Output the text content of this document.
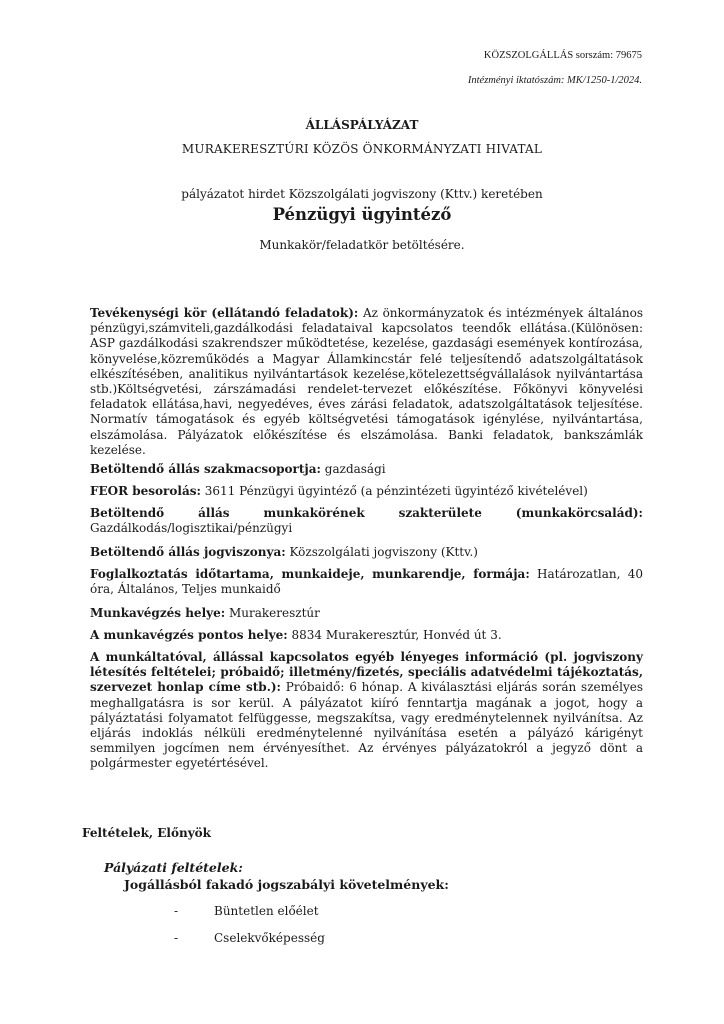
KÖZSZOLGÁLLÁS sorszám: 79675
Intézményi iktatószám: MK/1250-1/2024.
ÁLLÁSPÁLYÁZAT
MURAKERESZTÚRI KÖZÖS ÖNKORMÁNYZATI HIVATAL
pályázatot hirdet Közszolgálati jogviszony (Kttv.) keretében
Pénzügyi ügyintéző
Munkakör/feladatkör betöltésére.
Tevékenységi kör (ellátandó feladatok): Az önkormányzatok és intézmények általános pénzügyi,számviteli,gazdálkodási feladataival kapcsolatos teendők ellátása.(Különösen: ASP gazdálkodási szakrendszer működtetése, kezelése, gazdasági események kontírozása, könyvelése,közreműködés a Magyar Államkincstár felé teljesítendő adatszolgáltatások elkészítésében, analitikus nyilvántartások kezelése,kötelezettségvállalások nyilvántartása stb.)Költségvetési, zárszámadási rendelet-tervezet előkészítése. Főkönyvi könyvelési feladatok ellátása,havi, negyedéves, éves zárási feladatok, adatszolgáltatások teljesítése. Normatív támogatások és egyéb költségvetési támogatások igénylése, nyilvántartása, elszámolása. Pályázatok előkészítése és elszámolása. Banki feladatok, bankszámlák kezelése.
Betöltendő állás szakmacsoportja: gazdasági
FEOR besorolás: 3611 Pénzügyi ügyintéző (a pénzintézeti ügyintéző kivételével)
Betöltendő	állás	munkakörének	szakterülete	(munkakörcsalád):
Gazdálkodás/logisztikai/pénzügyi
Betöltendő állás jogviszonya: Közszolgálati jogviszony (Kttv.)
Foglalkoztatás időtartama, munkaideje, munkarendje, formája: Határozatlan, 40 óra, Általános, Teljes munkaidő
Munkavégzés helye: Murakeresztúr
A munkavégzés pontos helye: 8834 Murakeresztúr, Honvéd út 3.
A munkáltatóval, állással kapcsolatos egyéb lényeges információ (pl. jogviszony létesítés feltételei; próbaidő; illetmény/fizetés, speciális adatvédelmi tájékoztatás, szervezet honlap címe stb.): Próbaidő: 6 hónap. A kiválasztási eljárás során személyes meghallgatásra is sor kerül. A pályázatot kiíró fenntartja magának a jogot, hogy a pályáztatási folyamatot felfüggesse, megszakítsa, vagy eredménytelennek nyilvánítsa. Az eljárás indoklás nélküli eredménytelenné nyilvánítása esetén a pályázó kárigényt semmilyen jogcímen nem érvényesíthet. Az érvényes pályázatokról a jegyző dönt a polgármester egyetértésével.
Feltételek, Előnyök
Pályázati feltételek:
Jogállásból fakadó jogszabályi követelmények:
-	Büntetlen előélet
-	Cselekvőképesség
